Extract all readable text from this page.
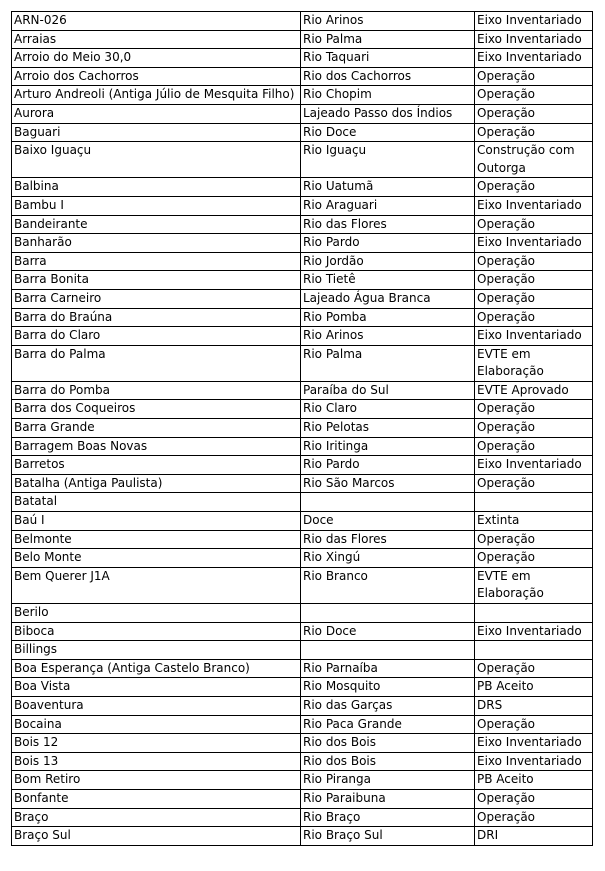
ARN-026	Rio Arinos	Eixo Inventariado
Arraias	Rio Palma	Eixo Inventariado
Arroio do Meio 30,0	Rio Taquari	Eixo Inventariado
Arroio dos Cachorros	Rio dos Cachorros	Operação
Arturo Andreoli (Antiga Júlio de Mesquita Filho)	Rio Chopim	Operação
Aurora	Lajeado Passo dos Índios	Operação
Baguari	Rio Doce	Operação
Baixo Iguaçu	Rio Iguaçu	Construção com Outorga
Balbina	Rio Uatumã	Operação
Bambu I	Rio Araguari	Eixo Inventariado
Bandeirante	Rio das Flores	Operação
Banharão	Rio Pardo	Eixo Inventariado
Barra	Rio Jordão	Operação
Barra Bonita	Rio Tietê	Operação
Barra Carneiro	Lajeado Água Branca	Operação
Barra do Braúna	Rio Pomba	Operação
Barra do Claro	Rio Arinos	Eixo Inventariado
Barra do Palma	Rio Palma	EVTE em Elaboração
Barra do Pomba	Paraíba do Sul	EVTE Aprovado
Barra dos Coqueiros	Rio Claro	Operação
Barra Grande	Rio Pelotas	Operação
Barragem Boas Novas	Rio Iritinga	Operação
Barretos	Rio Pardo	Eixo Inventariado
Batalha (Antiga Paulista)	Rio São Marcos	Operação
Batatal		
Baú I	Doce	Extinta
Belmonte	Rio das Flores	Operação
Belo Monte	Rio Xingú	Operação
Bem Querer J1A	Rio Branco	EVTE em Elaboração
Berilo		
Biboca	Rio Doce	Eixo Inventariado
Billings		
Boa Esperança (Antiga Castelo Branco)	Rio Parnaíba	Operação
Boa Vista	Rio Mosquito	PB Aceito
Boaventura	Rio das Garças	DRS
Bocaina	Rio Paca Grande	Operação
Bois 12	Rio dos Bois	Eixo Inventariado
Bois 13	Rio dos Bois	Eixo Inventariado
Bom Retiro	Rio Piranga	PB Aceito
Bonfante	Rio Paraibuna	Operação
Braço	Rio Braço	Operação
Braço Sul	Rio Braço Sul	DRI
